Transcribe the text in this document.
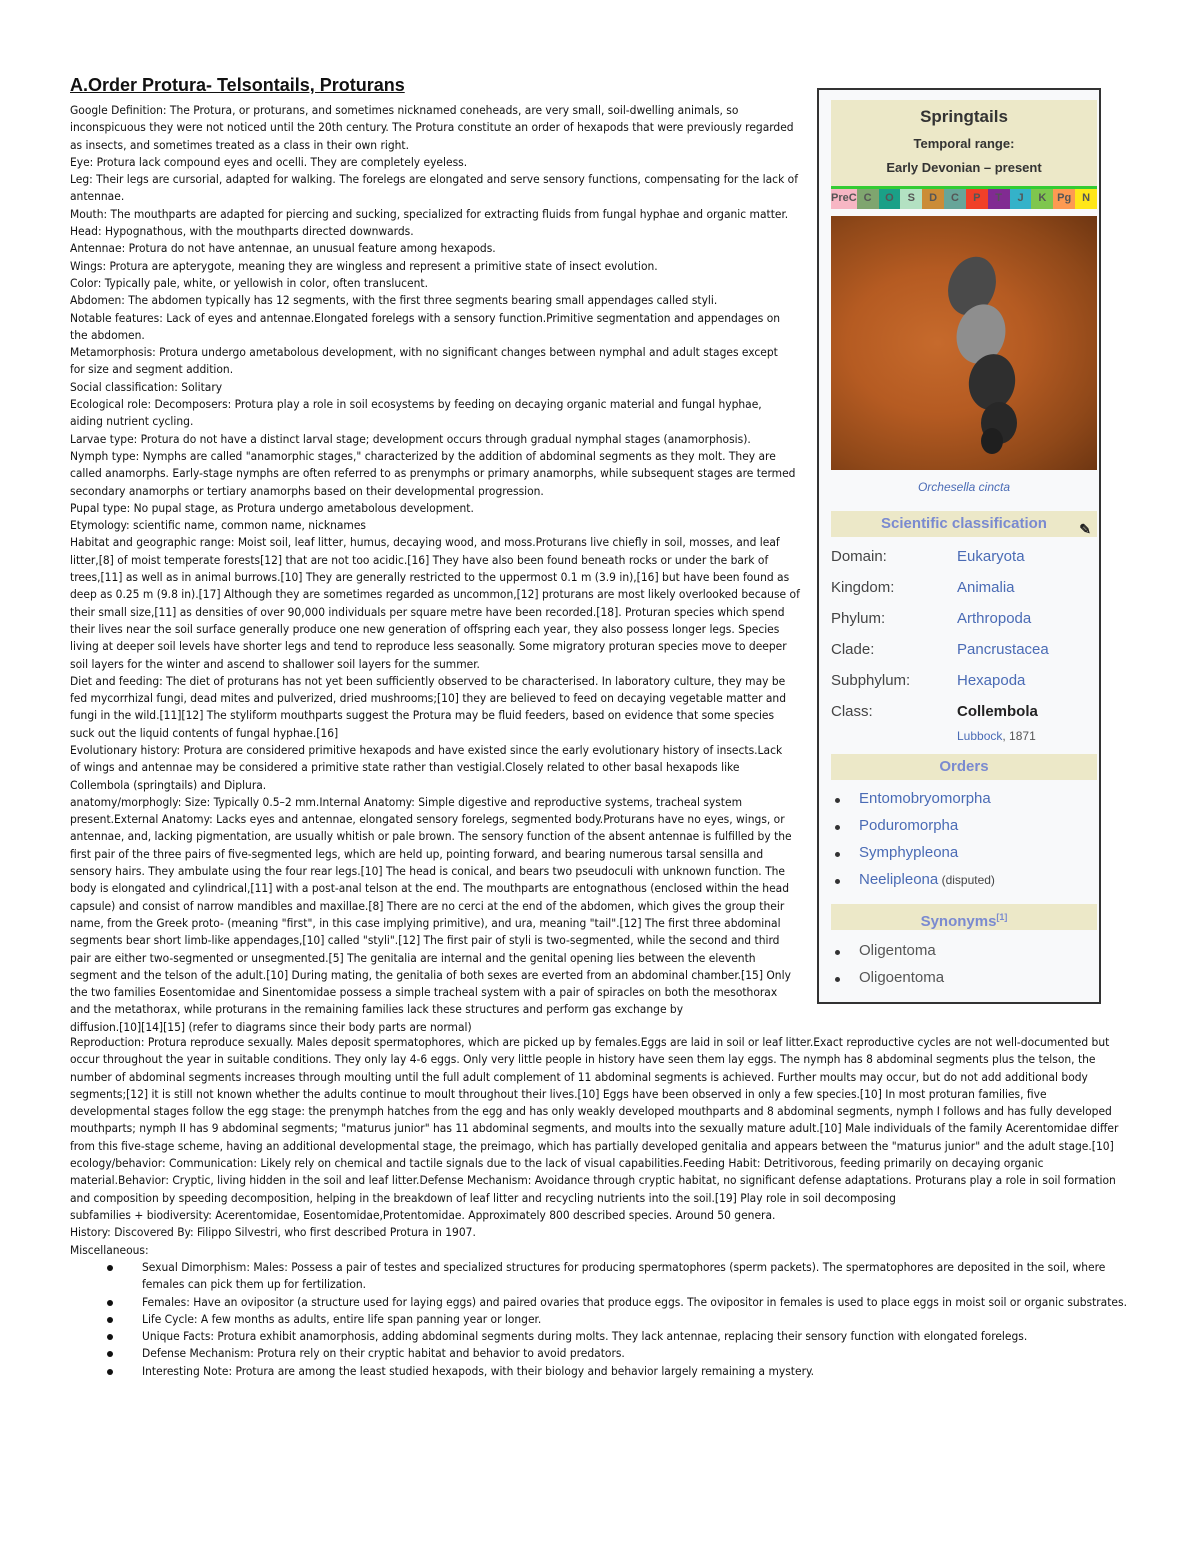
A.Order Protura- Telsontails, Proturans
Google Definition: The Protura, or proturans, and sometimes nicknamed coneheads, are very small, soil-dwelling animals, so
inconspicuous they were not noticed until the 20th century. The Protura constitute an order of hexapods that were previously regarded
as insects, and sometimes treated as a class in their own right.
Eye: Protura lack compound eyes and ocelli. They are completely eyeless.
Leg: Their legs are cursorial, adapted for walking. The forelegs are elongated and serve sensory functions, compensating for the lack of
antennae.
Mouth: The mouthparts are adapted for piercing and sucking, specialized for extracting fluids from fungal hyphae and organic matter.
Head: Hypognathous, with the mouthparts directed downwards.
Antennae: Protura do not have antennae, an unusual feature among hexapods.
Wings: Protura are apterygote, meaning they are wingless and represent a primitive state of insect evolution.
Color: Typically pale, white, or yellowish in color, often translucent.
Abdomen: The abdomen typically has 12 segments, with the first three segments bearing small appendages called styli.
Notable features: Lack of eyes and antennae.Elongated forelegs with a sensory function.Primitive segmentation and appendages on
the abdomen.
Metamorphosis: Protura undergo ametabolous development, with no significant changes between nymphal and adult stages except
for size and segment addition.
Social classification: Solitary
Ecological role: Decomposers: Protura play a role in soil ecosystems by feeding on decaying organic material and fungal hyphae,
aiding nutrient cycling.
Larvae type: Protura do not have a distinct larval stage; development occurs through gradual nymphal stages (anamorphosis).
Nymph type: Nymphs are called "anamorphic stages," characterized by the addition of abdominal segments as they molt. They are
called anamorphs. Early-stage nymphs are often referred to as prenymphs or primary anamorphs, while subsequent stages are termed
secondary anamorphs or tertiary anamorphs based on their developmental progression.
Pupal type: No pupal stage, as Protura undergo ametabolous development.
Etymology: scientific name, common name, nicknames
Habitat and geographic range: Moist soil, leaf litter, humus, decaying wood, and moss.Proturans live chiefly in soil, mosses, and leaf
litter,[8] of moist temperate forests[12] that are not too acidic.[16] They have also been found beneath rocks or under the bark of
trees,[11] as well as in animal burrows.[10] They are generally restricted to the uppermost 0.1 m (3.9 in),[16] but have been found as
deep as 0.25 m (9.8 in).[17] Although they are sometimes regarded as uncommon,[12] proturans are most likely overlooked because of
their small size,[11] as densities of over 90,000 individuals per square metre have been recorded.[18]. Proturan species which spend
their lives near the soil surface generally produce one new generation of offspring each year, they also possess longer legs. Species
living at deeper soil levels have shorter legs and tend to reproduce less seasonally. Some migratory proturan species move to deeper
soil layers for the winter and ascend to shallower soil layers for the summer.
Diet and feeding: The diet of proturans has not yet been sufficiently observed to be characterised. In laboratory culture, they may be
fed mycorrhizal fungi, dead mites and pulverized, dried mushrooms;[10] they are believed to feed on decaying vegetable matter and
fungi in the wild.[11][12] The styliform mouthparts suggest the Protura may be fluid feeders, based on evidence that some species
suck out the liquid contents of fungal hyphae.[16]
Evolutionary history: Protura are considered primitive hexapods and have existed since the early evolutionary history of insects.Lack
of wings and antennae may be considered a primitive state rather than vestigial.Closely related to other basal hexapods like
Collembola (springtails) and Diplura.
anatomy/morphogly: Size: Typically 0.5–2 mm.Internal Anatomy: Simple digestive and reproductive systems, tracheal system
present.External Anatomy: Lacks eyes and antennae, elongated sensory forelegs, segmented body.Proturans have no eyes, wings, or
antennae, and, lacking pigmentation, are usually whitish or pale brown. The sensory function of the absent antennae is fulfilled by the
first pair of the three pairs of five-segmented legs, which are held up, pointing forward, and bearing numerous tarsal sensilla and
sensory hairs. They ambulate using the four rear legs.[10] The head is conical, and bears two pseudoculi with unknown function. The
body is elongated and cylindrical,[11] with a post-anal telson at the end. The mouthparts are entognathous (enclosed within the head
capsule) and consist of narrow mandibles and maxillae.[8] There are no cerci at the end of the abdomen, which gives the group their
name, from the Greek proto- (meaning "first", in this case implying primitive), and ura, meaning "tail".[12] The first three abdominal
segments bear short limb-like appendages,[10] called "styli".[12] The first pair of styli is two-segmented, while the second and third
pair are either two-segmented or unsegmented.[5] The genitalia are internal and the genital opening lies between the eleventh
segment and the telson of the adult.[10] During mating, the genitalia of both sexes are everted from an abdominal chamber.[15] Only
the two families Eosentomidae and Sinentomidae possess a simple tracheal system with a pair of spiracles on both the mesothorax
and the metathorax, while proturans in the remaining families lack these structures and perform gas exchange by
diffusion.[10][14][15] (refer to diagrams since their body parts are normal)
Reproduction: Protura reproduce sexually. Males deposit spermatophores, which are picked up by females.Eggs are laid in soil or leaf litter.Exact reproductive cycles are not well-documented but
occur throughout the year in suitable conditions. They only lay 4-6 eggs. Only very little people in history have seen them lay eggs. The nymph has 8 abdominal segments plus the telson, the
number of abdominal segments increases through moulting until the full adult complement of 11 abdominal segments is achieved. Further moults may occur, but do not add additional body
segments;[12] it is still not known whether the adults continue to moult throughout their lives.[10] Eggs have been observed in only a few species.[10] In most proturan families, five
developmental stages follow the egg stage: the prenymph hatches from the egg and has only weakly developed mouthparts and 8 abdominal segments, nymph I follows and has fully developed
mouthparts; nymph II has 9 abdominal segments; "maturus junior" has 11 abdominal segments, and moults into the sexually mature adult.[10] Male individuals of the family Acerentomidae differ
from this five-stage scheme, having an additional developmental stage, the preimago, which has partially developed genitalia and appears between the "maturus junior" and the adult stage.[10]
ecology/behavior: Communication: Likely rely on chemical and tactile signals due to the lack of visual capabilities.Feeding Habit: Detritivorous, feeding primarily on decaying organic
material.Behavior: Cryptic, living hidden in the soil and leaf litter.Defense Mechanism: Avoidance through cryptic habitat, no significant defense adaptations. Proturans play a role in soil formation
and composition by speeding decomposition, helping in the breakdown of leaf litter and recycling nutrients into the soil.[19] Play role in soil decomposing
subfamilies + biodiversity: Acerentomidae, Eosentomidae,Protentomidae. Approximately 800 described species. Around 50 genera.
History: Discovered By: Filippo Silvestri, who first described Protura in 1907.
Miscellaneous:
Sexual Dimorphism: Males: Possess a pair of testes and specialized structures for producing spermatophores (sperm packets). The spermatophores are deposited in the soil, where
females can pick them up for fertilization.
Females: Have an ovipositor (a structure used for laying eggs) and paired ovaries that produce eggs. The ovipositor in females is used to place eggs in moist soil or organic substrates.
Life Cycle: A few months as adults, entire life span panning year or longer.
Unique Facts: Protura exhibit anamorphosis, adding abdominal segments during molts. They lack antennae, replacing their sensory function with elongated forelegs.
Defense Mechanism: Protura rely on their cryptic habitat and behavior to avoid predators.
Interesting Note: Protura are among the least studied hexapods, with their biology and behavior largely remaining a mystery.
Springtails
Temporal range:
Early Devonian – present
PreC C	O	S	D	C	P	T	J	K Pg N
Orchesella cincta
Scientific classification ✎
Domain:	Eukaryota
Kingdom:	Animalia
Phylum:	Arthropoda
Clade:	Pancrustacea
Subphylum:	Hexapoda
Class:	Collembola
Lubbock, 1871
Orders
Entomobryomorpha
Poduromorpha
Symphypleona
Neelipleona (disputed)
Synonyms[1]
Oligentoma
Oligoentoma
